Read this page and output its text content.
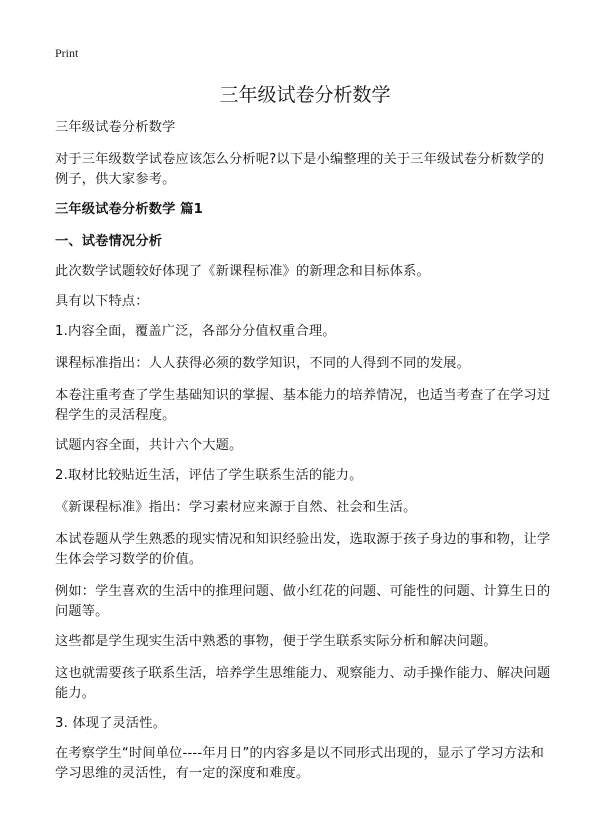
Print
三年级试卷分析数学

三年级试卷分析数学

对于三年级数学试卷应该怎么分析呢?以下是小编整理的关于三年级试卷分析数学的例子，供大家参考。

三年级试卷分析数学 篇1

一、试卷情况分析

此次数学试题较好体现了《新课程标准》的新理念和目标体系。

具有以下特点：

1.内容全面，覆盖广泛，各部分分值权重合理。

课程标准指出：人人获得必须的数学知识，不同的人得到不同的发展。

本卷注重考查了学生基础知识的掌握、基本能力的培养情况，也适当考查了在学习过程学生的灵活程度。

试题内容全面，共计六个大题。

2.取材比较贴近生活，评估了学生联系生活的能力。

《新课程标准》指出：学习素材应来源于自然、社会和生活。

本试卷题从学生熟悉的现实情况和知识经验出发，选取源于孩子身边的事和物，让学生体会学习数学的价值。

例如：学生喜欢的生活中的推理问题、做小红花的问题、可能性的问题、计算生日的问题等。

这些都是学生现实生活中熟悉的事物，便于学生联系实际分析和解决问题。

这也就需要孩子联系生活，培养学生思维能力、观察能力、动手操作能力、解决问题能力。

3. 体现了灵活性。

在考察学生“时间单位----年月日”的内容多是以不同形式出现的，显示了学习方法和学习思维的灵活性，有一定的深度和难度。
